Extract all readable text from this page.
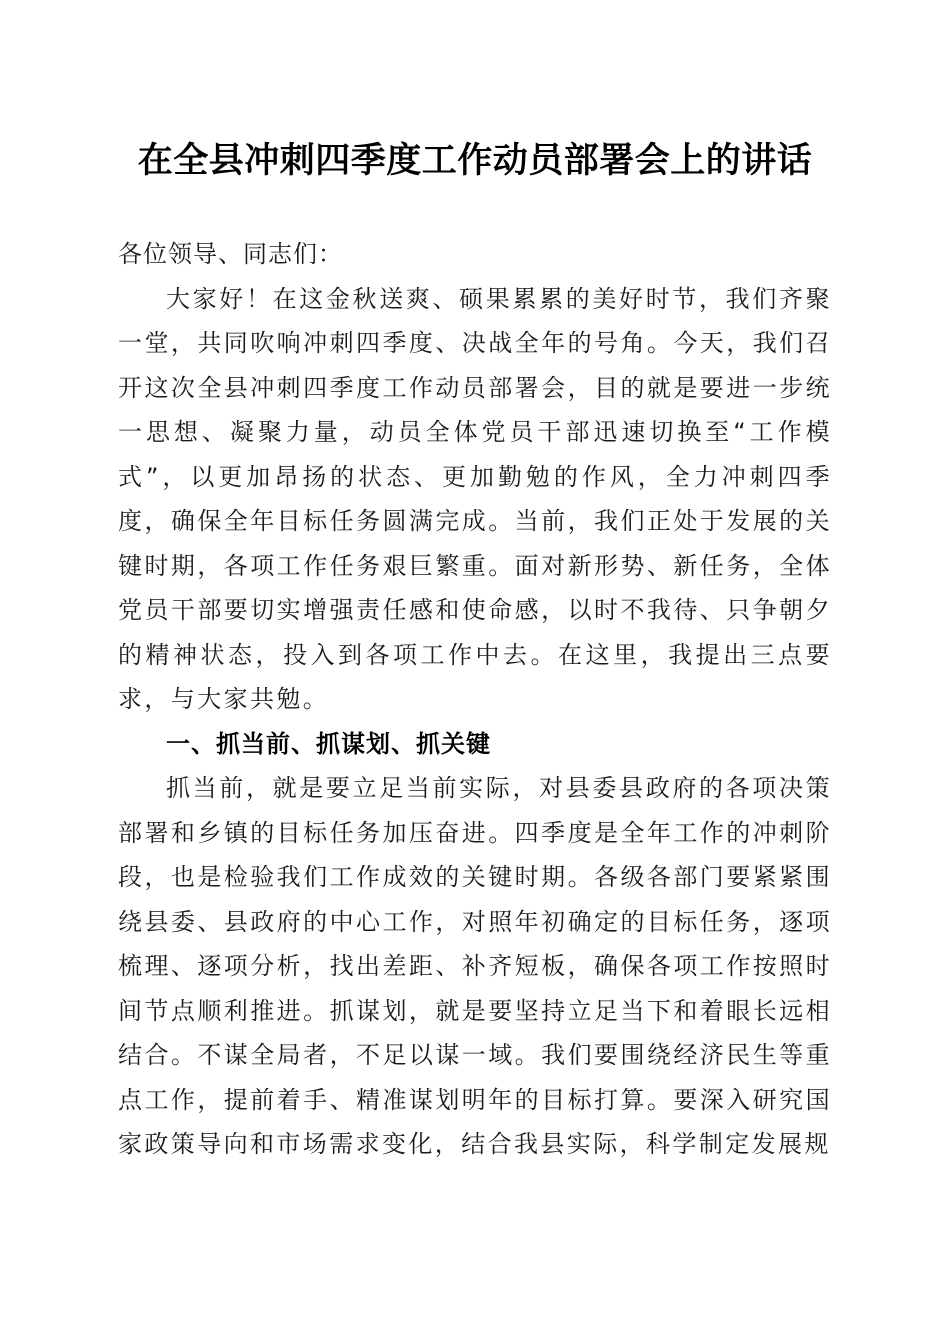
在全县冲刺四季度工作动员部署会上的讲话

各位领导、同志们：

大家好！在这金秋送爽、硕果累累的美好时节，我们齐聚一堂，共同吹响冲刺四季度、决战全年的号角。今天，我们召开这次全县冲刺四季度工作动员部署会，目的就是要进一步统一思想、凝聚力量，动员全体党员干部迅速切换至“工作模式”，以更加昂扬的状态、更加勤勉的作风，全力冲刺四季度，确保全年目标任务圆满完成。当前，我们正处于发展的关键时期，各项工作任务艰巨繁重。面对新形势、新任务，全体党员干部要切实增强责任感和使命感，以时不我待、只争朝夕的精神状态，投入到各项工作中去。在这里，我提出三点要求，与大家共勉。

一、抓当前、抓谋划、抓关键

抓当前，就是要立足当前实际，对县委县政府的各项决策部署和乡镇的目标任务加压奋进。四季度是全年工作的冲刺阶段，也是检验我们工作成效的关键时期。各级各部门要紧紧围绕县委、县政府的中心工作，对照年初确定的目标任务，逐项梳理、逐项分析，找出差距、补齐短板，确保各项工作按照时间节点顺利推进。抓谋划，就是要坚持立足当下和着眼长远相结合。不谋全局者，不足以谋一域。我们要围绕经济民生等重点工作，提前着手、精准谋划明年的目标打算。要深入研究国家政策导向和市场需求变化，结合我县实际，科学制定发展规
